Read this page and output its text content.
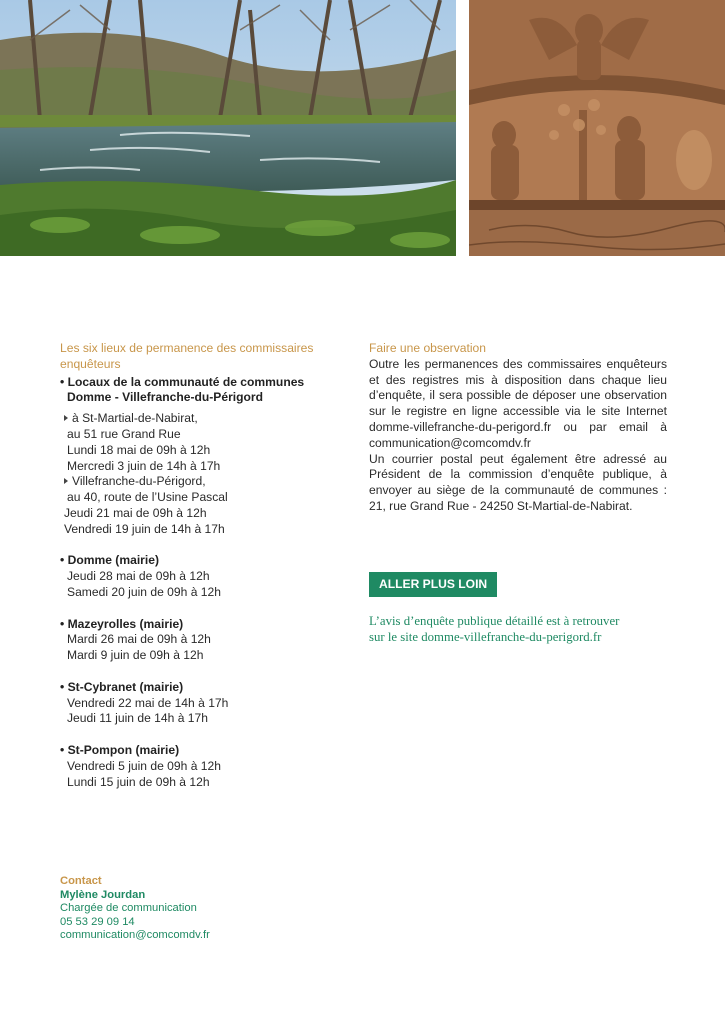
Les six lieux de permanence des commissaires enquêteurs

• Locaux de la communauté de communes
Domme - Villefranche-du-Périgord
à St-Martial-de-Nabirat,
au 51 rue Grand Rue
Lundi 18 mai de 09h à 12h
Mercredi 3 juin de 14h à 17h
Villefranche-du-Périgord,
au 40, route de l’Usine Pascal
Jeudi 21 mai de 09h à 12h
Vendredi 19 juin de 14h à 17h
• Domme (mairie)
Jeudi 28 mai de 09h à 12h
Samedi 20 juin de 09h à 12h
• Mazeyrolles (mairie)
Mardi 26 mai de 09h à 12h
Mardi 9 juin de 09h à 12h
• St-Cybranet (mairie)
Vendredi 22 mai de 14h à 17h
Jeudi 11 juin de 14h à 17h
• St-Pompon (mairie)
Vendredi 5 juin de 09h à 12h
Lundi 15 juin de 09h à 12h

Faire une observation

Outre les permanences des commissaires enquêteurs et des registres mis à disposition dans chaque lieu d’enquête, il sera possible de déposer une observation sur le registre en ligne accessible via le site Internet domme-villefranche-du-perigord.fr ou par email à communication@comcomdv.fr

Un courrier postal peut également être adressé au Président de la commission d’enquête publique, à envoyer au siège de la communauté de communes : 21, rue Grand Rue - 24250 St-Martial-de-Nabirat.

ALLER PLUS LOIN
L’avis d’enquête publique détaillé est à retrouver
sur le site domme-villefranche-du-perigord.fr
Contact
Mylène Jourdan
Chargée de communication
05 53 29 09 14
communication@comcomdv.fr
